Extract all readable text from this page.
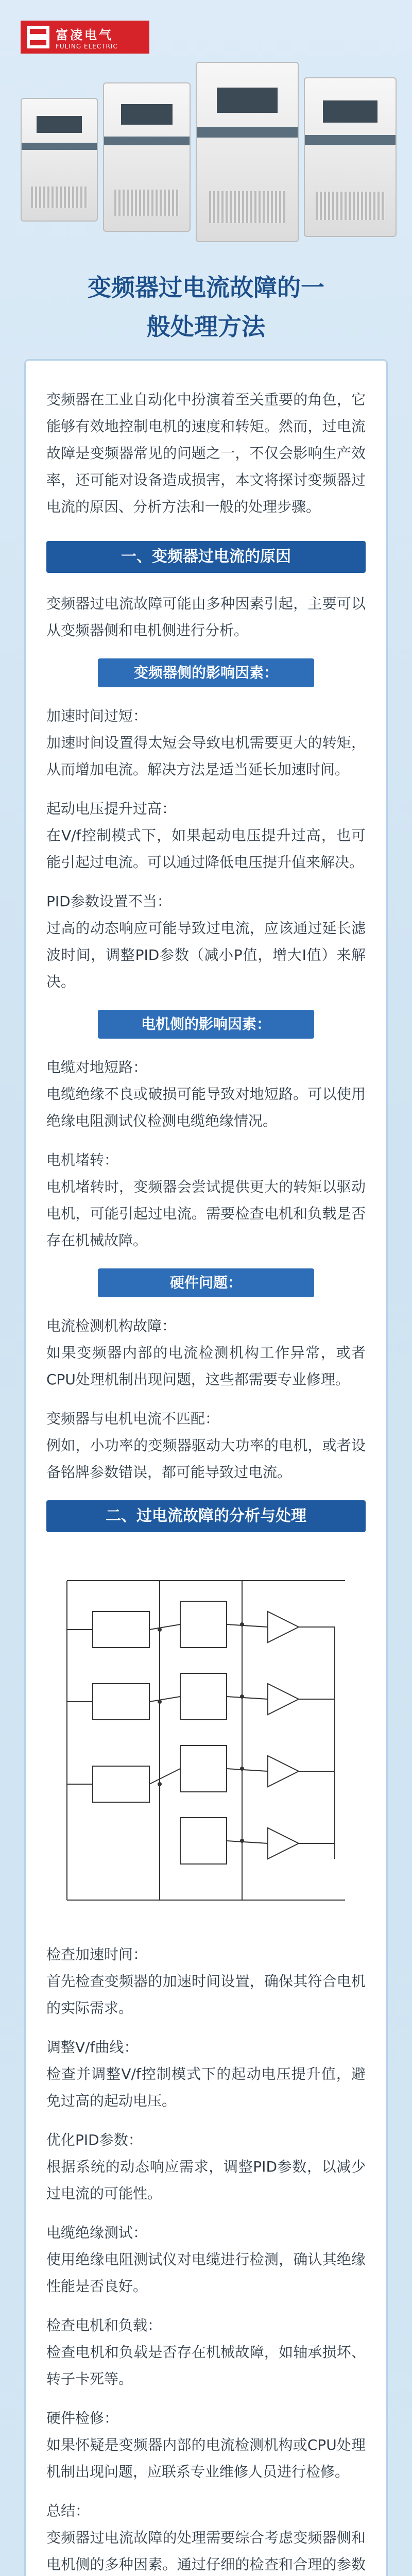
富凌电气
FULING ELECTRIC
变频器过电流故障的一
般处理方法

变频器在工业自动化中扮演着至关重要的角色，它能够有效地控制电机的速度和转矩。然而，过电流故障是变频器常见的问题之一，不仅会影响生产效率，还可能对设备造成损害，本文将探讨变频器过电流的原因、分析方法和一般的处理步骤。

一、变频器过电流的原因

变频器过电流故障可能由多种因素引起，主要可以从变频器侧和电机侧进行分析。

变频器侧的影响因素：
加速时间过短：
加速时间设置得太短会导致电机需要更大的转矩，从而增加电流。解决方法是适当延长加速时间。
起动电压提升过高：
在V/f控制模式下，如果起动电压提升过高，也可能引起过电流。可以通过降低电压提升值来解决。
PID参数设置不当：
过高的动态响应可能导致过电流，应该通过延长滤波时间，调整PID参数（减小P值，增大I值）来解决。
电机侧的影响因素：
电缆对地短路：
电缆绝缘不良或破损可能导致对地短路。可以使用绝缘电阻测试仪检测电缆绝缘情况。
电机堵转：
电机堵转时，变频器会尝试提供更大的转矩以驱动电机，可能引起过电流。需要检查电机和负载是否存在机械故障。
硬件问题：
电流检测机构故障：
如果变频器内部的电流检测机构工作异常，或者CPU处理机制出现问题，这些都需要专业修理。
变频器与电机电流不匹配：
例如，小功率的变频器驱动大功率的电机，或者设备铭牌参数错误，都可能导致过电流。
二、过电流故障的分析与处理
检查加速时间：
首先检查变频器的加速时间设置，确保其符合电机的实际需求。
调整V/f曲线：
检查并调整V/f控制模式下的起动电压提升值，避免过高的起动电压。
优化PID参数：
根据系统的动态响应需求，调整PID参数，以减少过电流的可能性。
电缆绝缘测试：
使用绝缘电阻测试仪对电缆进行检测，确认其绝缘性能是否良好。
检查电机和负载：
检查电机和负载是否存在机械故障，如轴承损坏、转子卡死等。
硬件检修：
如果怀疑是变频器内部的电流检测机构或CPU处理机制出现问题，应联系专业维修人员进行检修。
总结：
变频器过电流故障的处理需要综合考虑变频器侧和电机侧的多种因素。通过仔细的检查和合理的参数
